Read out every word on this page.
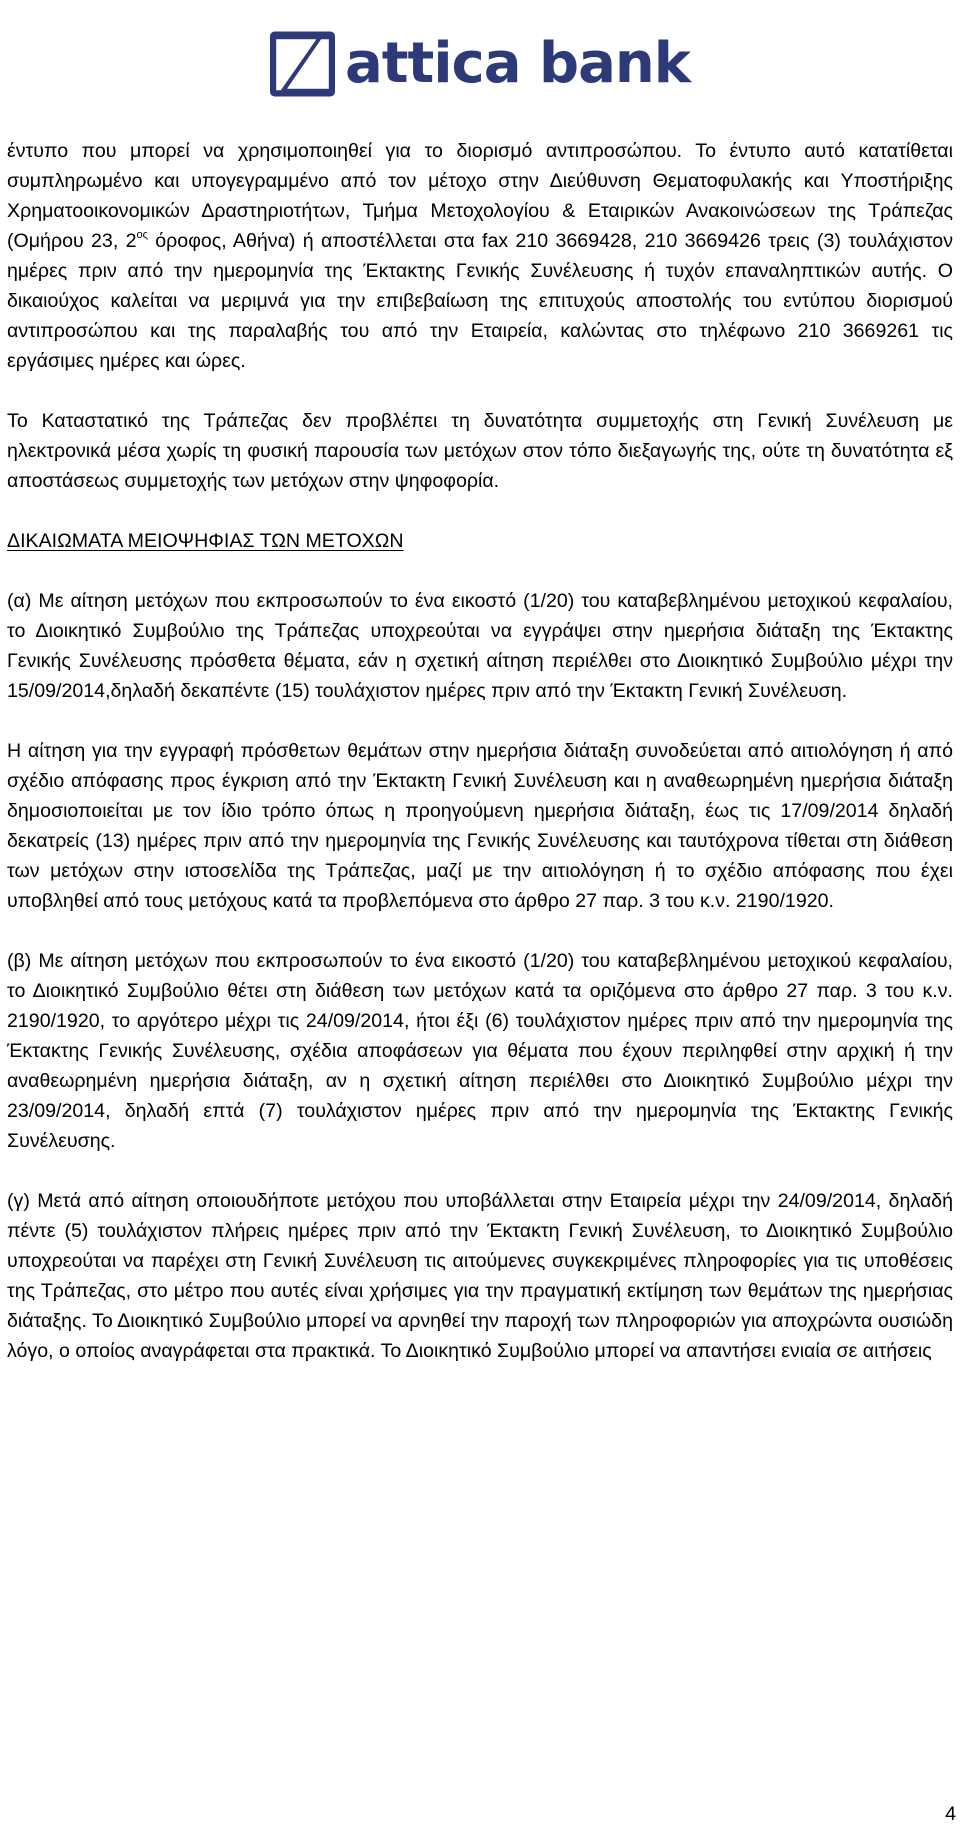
attica bank

έντυπο που μπορεί να χρησιμοποιηθεί για το διορισμό αντιπροσώπου. Το έντυπο αυτό κατατίθεται συμπληρωμένο και υπογεγραμμένο από τον μέτοχο στην Διεύθυνση Θεματοφυλακής και Υποστήριξης Χρηματοοικονομικών Δραστηριοτήτων, Τμήμα Μετοχολογίου & Εταιρικών Ανακοινώσεων της Τράπεζας (Ομήρου 23, $2^{o\varsigma}$ όροφος, Αθήνα) ή αποστέλλεται στα fax 210 3669428, 210 3669426 τρεις (3) τουλάχιστον ημέρες πριν από την ημερομηνία της Έκτακτης Γενικής Συνέλευσης ή τυχόν επαναληπτικών αυτής. Ο δικαιούχος καλείται να μεριμνά για την επιβεβαίωση της επιτυχούς αποστολής του εντύπου διορισμού αντιπροσώπου και της παραλαβής του από την Εταιρεία, καλώντας στο τηλέφωνο 210 3669261 τις εργάσιμες ημέρες και ώρες.

Το Καταστατικό της Τράπεζας δεν προβλέπει τη δυνατότητα συμμετοχής στη Γενική Συνέλευση με ηλεκτρονικά μέσα χωρίς τη φυσική παρουσία των μετόχων στον τόπο διεξαγωγής της, ούτε τη δυνατότητα εξ αποστάσεως συμμετοχής των μετόχων στην ψηφοφορία.

ΔΙΚΑΙΩΜΑΤΑ ΜΕΙΟΨΗΦΙΑΣ ΤΩΝ ΜΕΤΟΧΩΝ

(α) Με αίτηση μετόχων που εκπροσωπούν το ένα εικοστό (1/20) του καταβεβλημένου μετοχικού κεφαλαίου, το Διοικητικό Συμβούλιο της Τράπεζας υποχρεούται να εγγράψει στην ημερήσια διάταξη της Έκτακτης Γενικής Συνέλευσης πρόσθετα θέματα, εάν η σχετική αίτηση περιέλθει στο Διοικητικό Συμβούλιο μέχρι την 15/09/2014,δηλαδή δεκαπέντε (15) τουλάχιστον ημέρες πριν από την Έκτακτη Γενική Συνέλευση.

Η αίτηση για την εγγραφή πρόσθετων θεμάτων στην ημερήσια διάταξη συνοδεύεται από αιτιολόγηση ή από σχέδιο απόφασης προς έγκριση από την Έκτακτη Γενική Συνέλευση και η αναθεωρημένη ημερήσια διάταξη δημοσιοποιείται με τον ίδιο τρόπο όπως η προηγούμενη ημερήσια διάταξη, έως τις 17/09/2014 δηλαδή δεκατρείς (13) ημέρες πριν από την ημερομηνία της Γενικής Συνέλευσης και ταυτόχρονα τίθεται στη διάθεση των μετόχων στην ιστοσελίδα της Τράπεζας, μαζί με την αιτιολόγηση ή το σχέδιο απόφασης που έχει υποβληθεί από τους μετόχους κατά τα προβλεπόμενα στο άρθρο 27 παρ. 3 του κ.ν. 2190/1920.

(β) Με αίτηση μετόχων που εκπροσωπούν το ένα εικοστό (1/20) του καταβεβλημένου μετοχικού κεφαλαίου, το Διοικητικό Συμβούλιο θέτει στη διάθεση των μετόχων κατά τα οριζόμενα στο άρθρο 27 παρ. 3 του κ.ν. 2190/1920, το αργότερο μέχρι τις 24/09/2014, ήτοι έξι (6) τουλάχιστον ημέρες πριν από την ημερομηνία της Έκτακτης Γενικής Συνέλευσης, σχέδια αποφάσεων για θέματα που έχουν περιληφθεί στην αρχική ή την αναθεωρημένη ημερήσια διάταξη, αν η σχετική αίτηση περιέλθει στο Διοικητικό Συμβούλιο μέχρι την 23/09/2014, δηλαδή επτά (7) τουλάχιστον ημέρες πριν από την ημερομηνία της Έκτακτης Γενικής Συνέλευσης.

(γ) Μετά από αίτηση οποιουδήποτε μετόχου που υποβάλλεται στην Εταιρεία μέχρι την 24/09/2014, δηλαδή πέντε (5) τουλάχιστον πλήρεις ημέρες πριν από την Έκτακτη Γενική Συνέλευση, το Διοικητικό Συμβούλιο υποχρεούται να παρέχει στη Γενική Συνέλευση τις αιτούμενες συγκεκριμένες πληροφορίες για τις υποθέσεις της Τράπεζας, στο μέτρο που αυτές είναι χρήσιμες για την πραγματική εκτίμηση των θεμάτων της ημερήσιας διάταξης. Το Διοικητικό Συμβούλιο μπορεί να αρνηθεί την παροχή των πληροφοριών για αποχρώντα ουσιώδη λόγο, ο οποίος αναγράφεται στα πρακτικά. Το Διοικητικό Συμβούλιο μπορεί να απαντήσει ενιαία σε αιτήσεις

4
